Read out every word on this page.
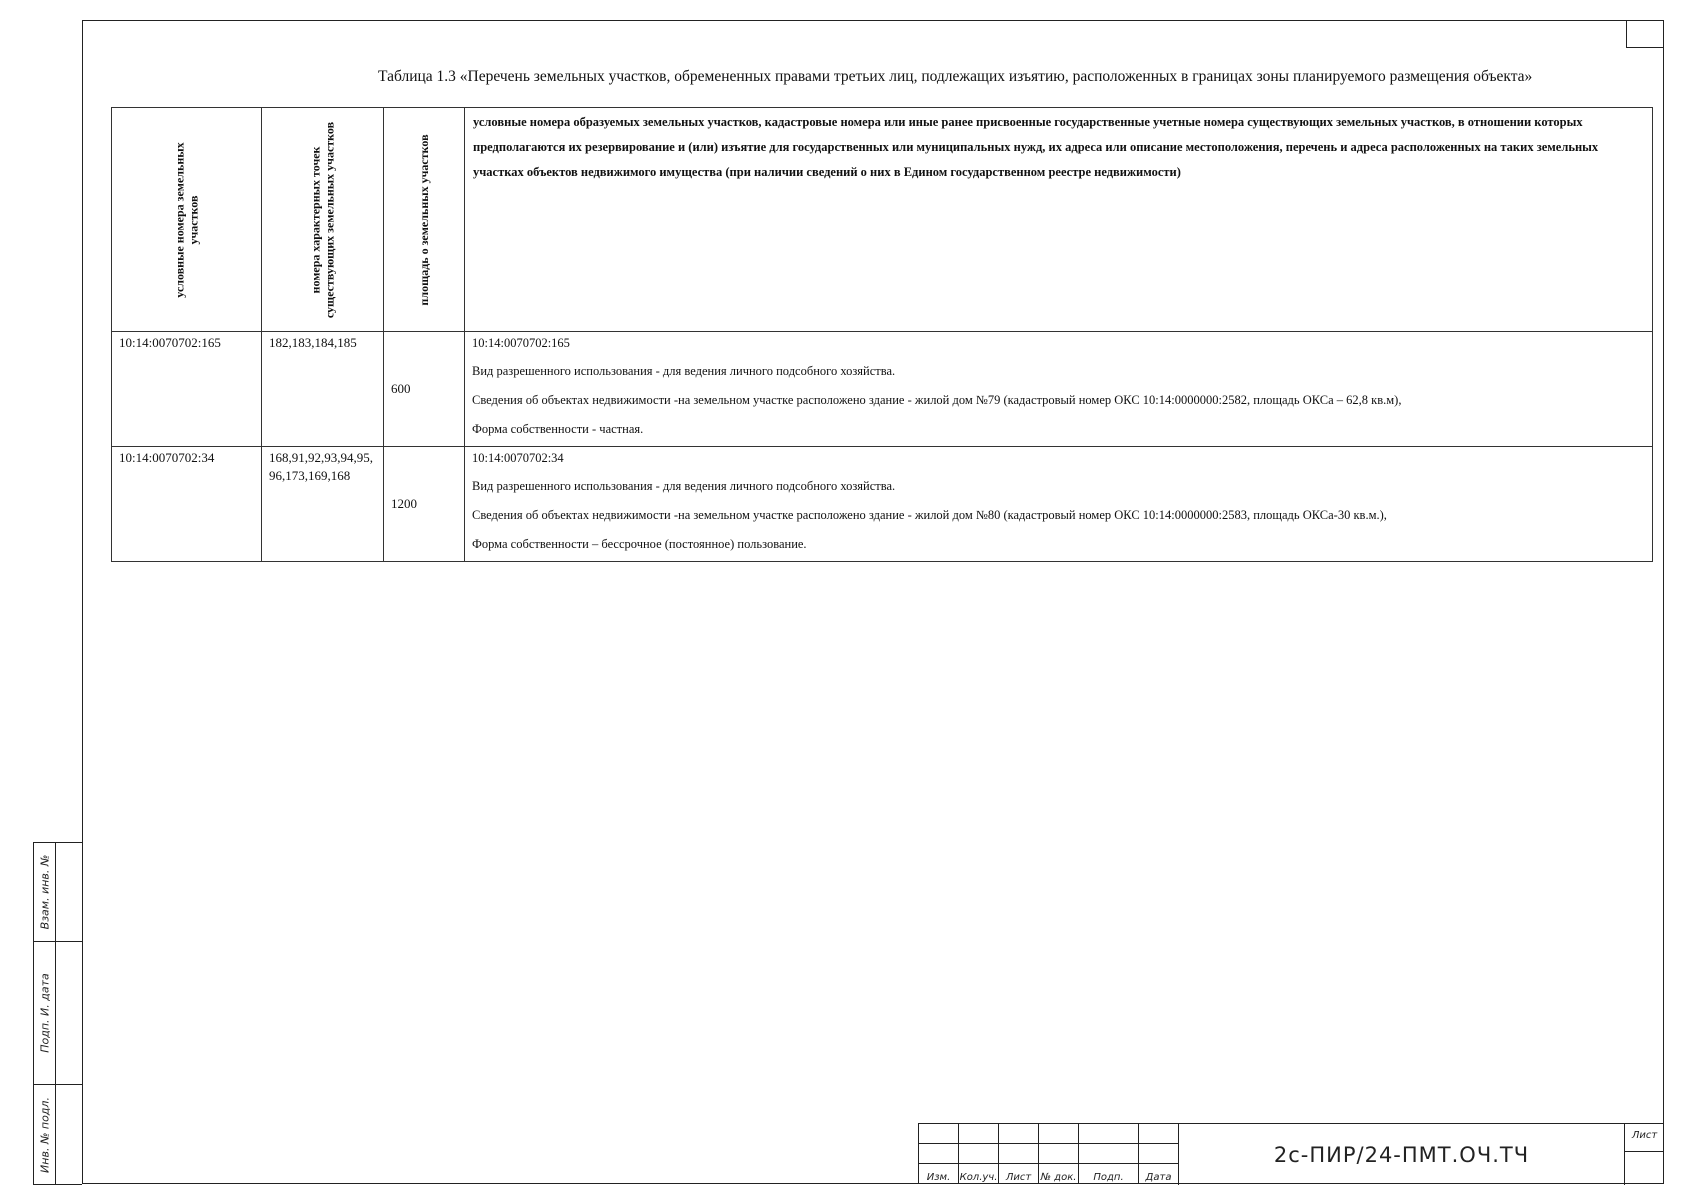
Взам. инв. №
Подп. И. дата
Инв. № подл.
Таблица 1.3 «Перечень земельных участков, обремененных правами третьих лиц, подлежащих изъятию, расположенных в границах зоны планируемого размещения объекта»
условные номера земельных участков	номера характерных точек существующих земельных участков	площадь о земельных участков	условные номера образуемых земельных участков, кадастровые номера или иные ранее присвоенные государственные учетные номера существующих земельных участков, в отношении которых предполагаются их резервирование и (или) изъятие для государственных или муниципальных нужд, их адреса или описание местоположения, перечень и адреса расположенных на таких земельных участках объектов недвижимого имущества (при наличии сведений о них в Едином государственном реестре недвижимости)

10:14:0070702:165	182,183,184,185	600	10:14:0070702:165
Вид разрешенного использования - для ведения личного подсобного хозяйства.
Сведения об объектах недвижимости -на земельном участке расположено здание - жилой дом №79 (кадастровый номер ОКС 10:14:0000000:2582, площадь ОКСа – 62,8 кв.м),
Форма собственности - частная.

10:14:0070702:34	168,91,92,93,94,95,96,173,169,168	1200	10:14:0070702:34
Вид разрешенного использования - для ведения личного подсобного хозяйства.
Сведения об объектах недвижимости -на земельном участке расположено здание - жилой дом №80 (кадастровый номер ОКС 10:14:0000000:2583, площадь ОКСа-30 кв.м.),
Форма собственности – бессрочное (постоянное) пользование.

Изм.	Кол.уч.	Лист	№ док.	Подп.	Дата
2с-ПИР/24-ПМТ.ОЧ.ТЧ
Лист
